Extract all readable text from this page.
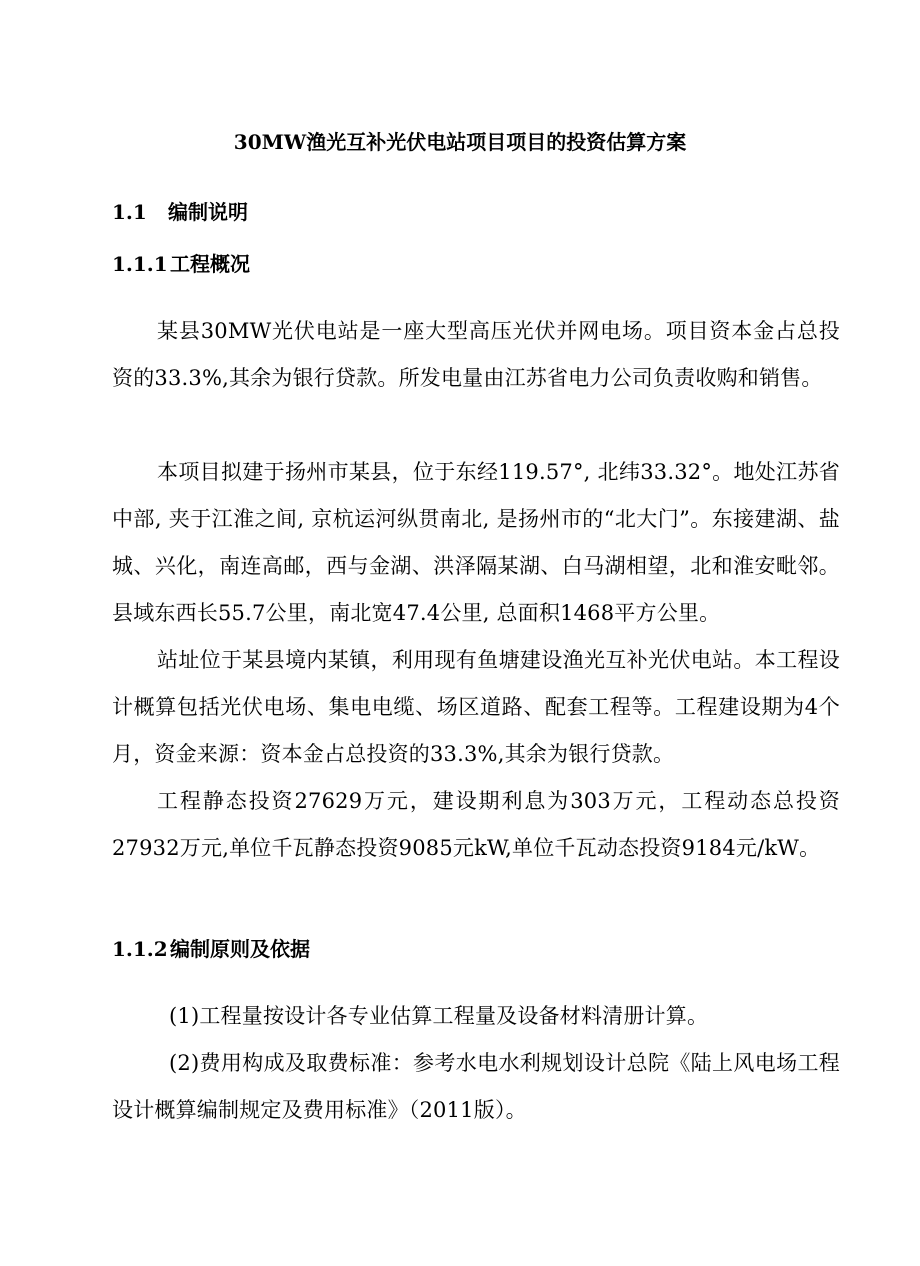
30MW渔光互补光伏电站项目项目的投资估算方案
1.1 编制说明
1.1.1 工程概况

某县30MW光伏电站是一座大型高压光伏并网电场。项目资本金占总投资的33.3%,其余为银行贷款。所发电量由江苏省电力公司负责收购和销售。

本项目拟建于扬州市某县，位于东经119.57°, 北纬33.32°。地处江苏省中部, 夹于江淮之间, 京杭运河纵贯南北, 是扬州市的“北大门”。东接建湖、盐城、兴化，南连高邮，西与金湖、洪泽隔某湖、白马湖相望，北和淮安毗邻。县域东西长55.7公里，南北宽47.4公里, 总面积1468平方公里。

站址位于某县境内某镇，利用现有鱼塘建设渔光互补光伏电站。本工程设计概算包括光伏电场、集电电缆、场区道路、配套工程等。工程建设期为4个月，资金来源：资本金占总投资的33.3%,其余为银行贷款。

工程静态投资27629万元，建设期利息为303万元，工程动态总投资27932万元,单位千瓦静态投资9085元kW,单位千瓦动态投资9184元/kW。

1.1.2 编制原则及依据

(1)工程量按设计各专业估算工程量及设备材料清册计算。

(2)费用构成及取费标准：参考水电水利规划设计总院《陆上风电场工程设计概算编制规定及费用标准》（2011版）。
